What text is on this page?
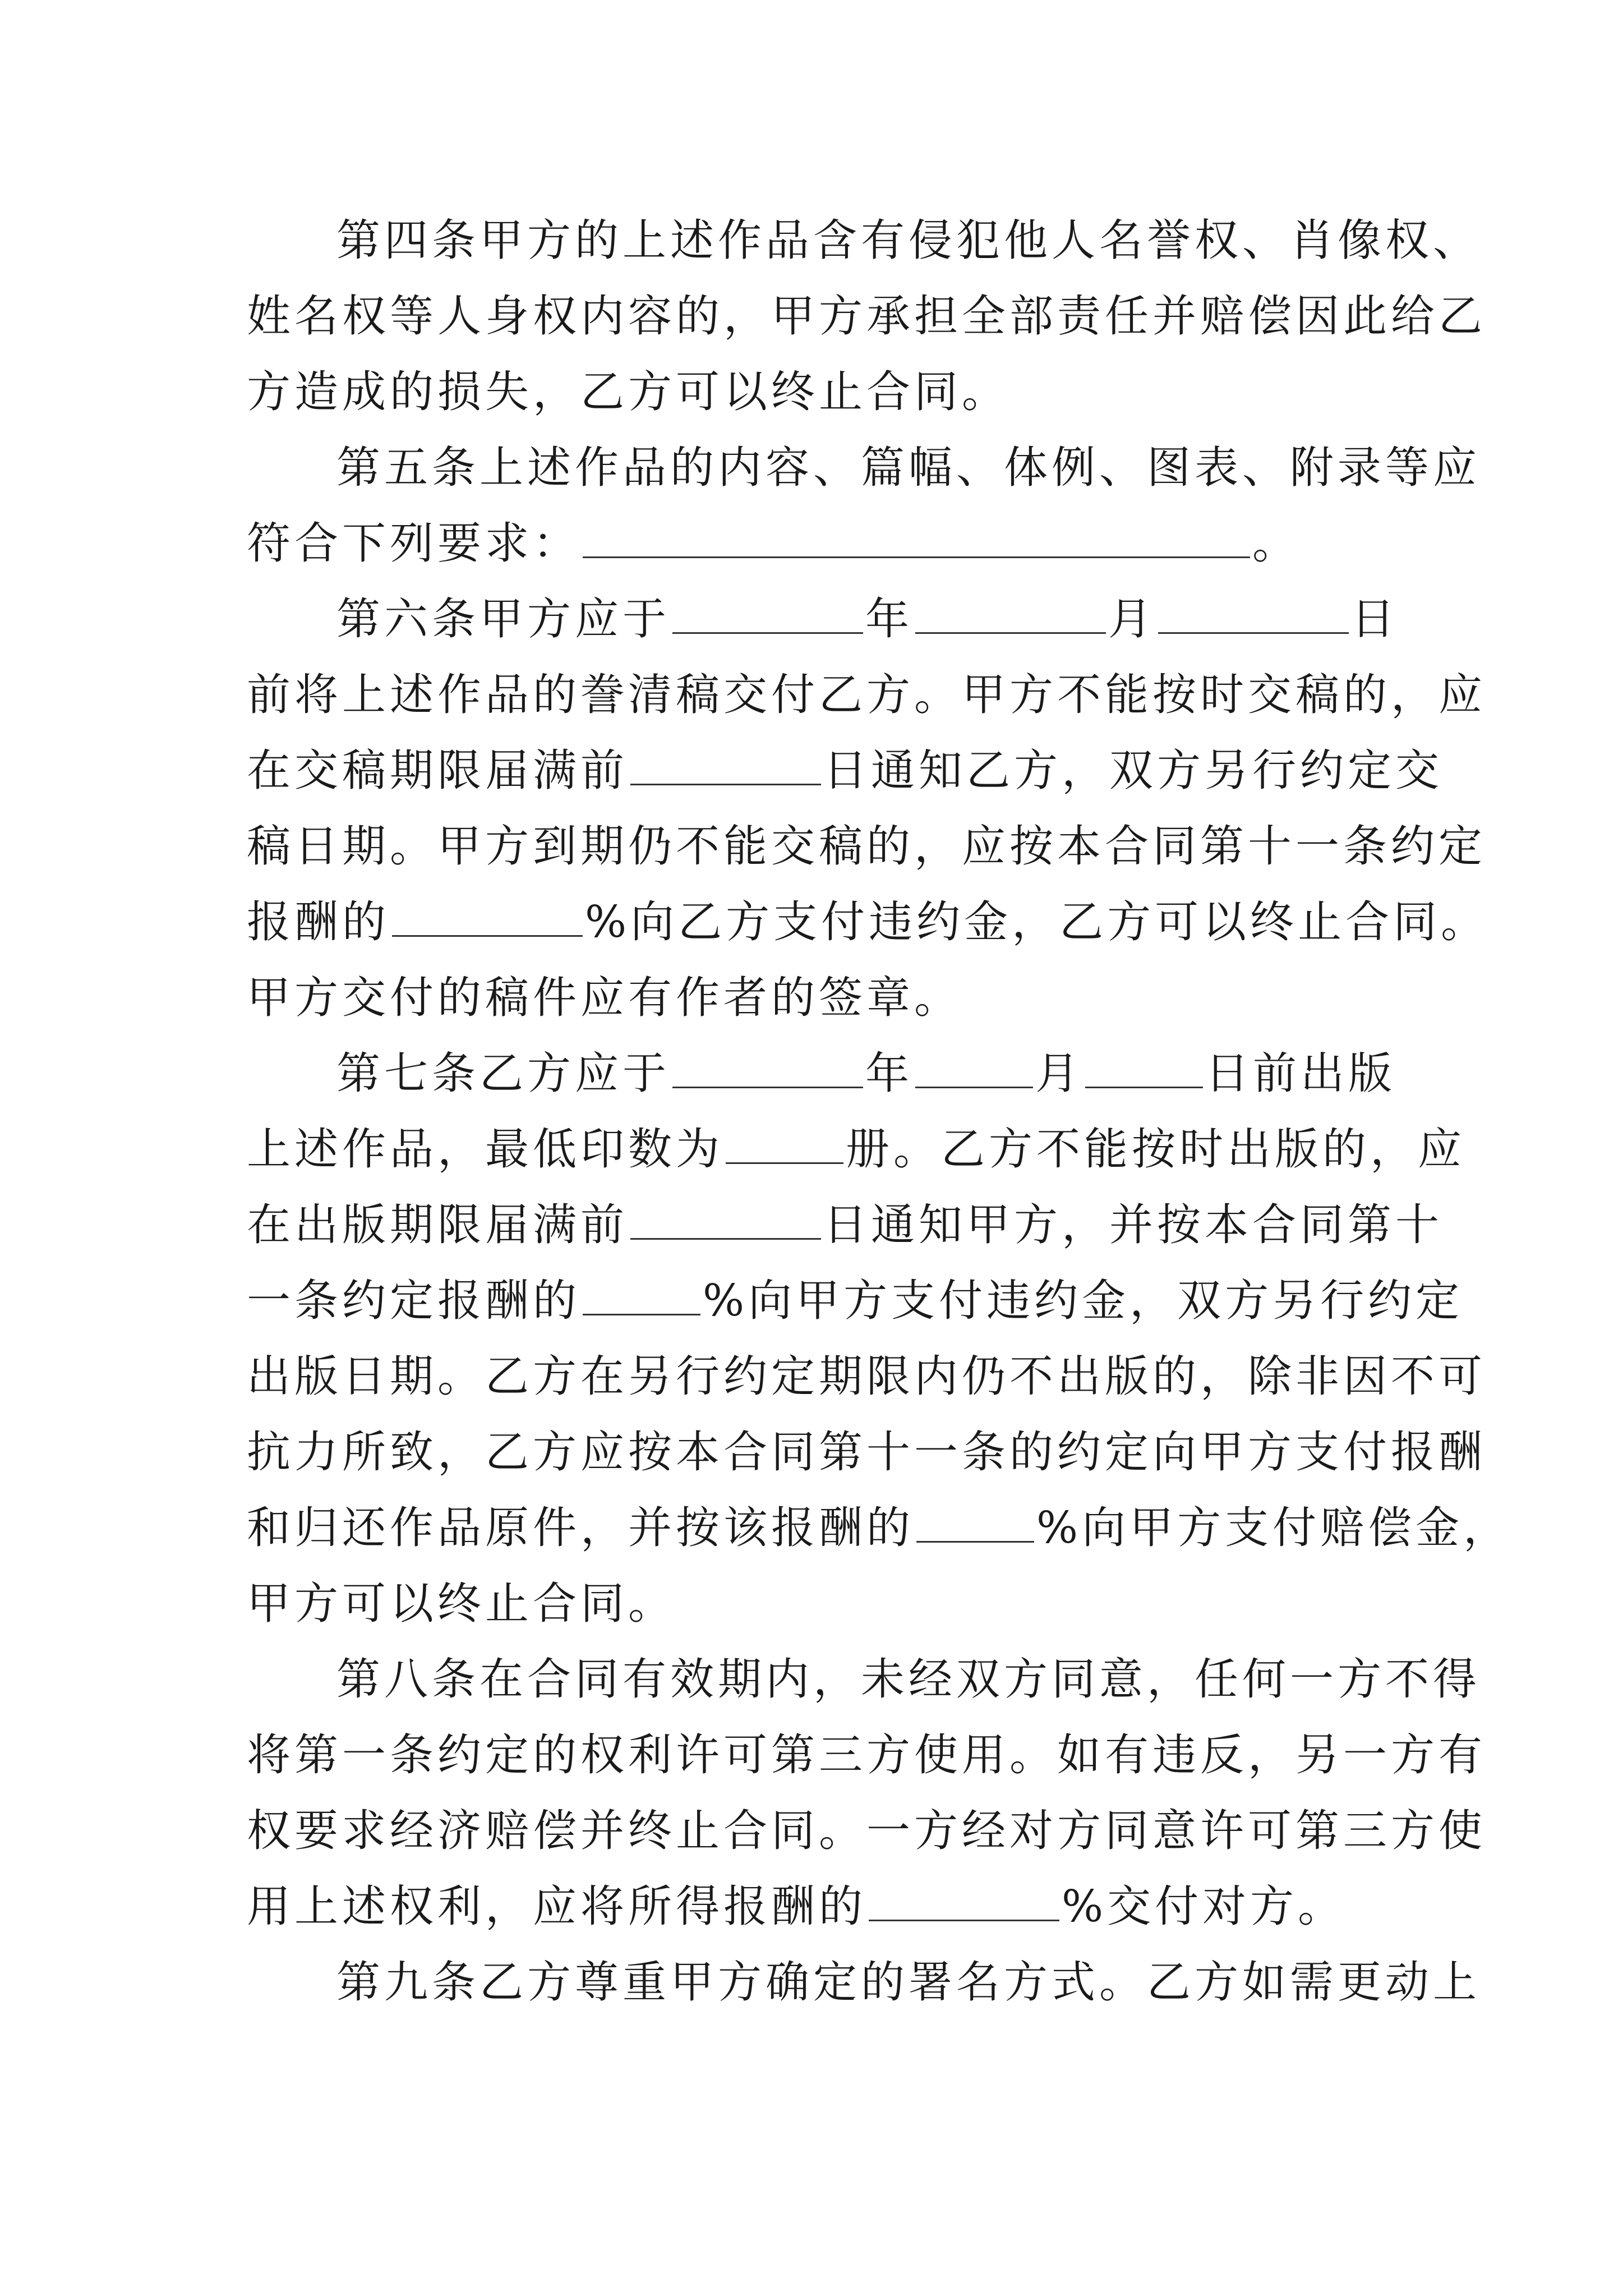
第四条甲方的上述作品含有侵犯他人名誉权、肖像权、
姓名权等人身权内容的，甲方承担全部责任并赔偿因此给乙
方造成的损失，乙方可以终止合同。
第五条上述作品的内容、篇幅、体例、图表、附录等应
符合下列要求：	。
第六条甲方应于	年	月	日
前将上述作品的誊清稿交付乙方。甲方不能按时交稿的，应
在交稿期限届满前	日通知乙方，双方另行约定交
稿日期。甲方到期仍不能交稿的，应按本合同第十一条约定
报酬的	%向乙方支付违约金，乙方可以终止合同。
甲方交付的稿件应有作者的签章。
第七条乙方应于	年	月	日前出版
上述作品，最低印数为	册。乙方不能按时出版的，应
在出版期限届满前	日通知甲方，并按本合同第十
一条约定报酬的	%向甲方支付违约金，双方另行约定
出版日期。乙方在另行约定期限内仍不出版的，除非因不可
抗力所致，乙方应按本合同第十一条的约定向甲方支付报酬
和归还作品原件，并按该报酬的	%向甲方支付赔偿金，
甲方可以终止合同。
第八条在合同有效期内，未经双方同意，任何一方不得
将第一条约定的权利许可第三方使用。如有违反，另一方有
权要求经济赔偿并终止合同。一方经对方同意许可第三方使
用上述权利，应将所得报酬的	%交付对方。
第九条乙方尊重甲方确定的署名方式。乙方如需更动上
